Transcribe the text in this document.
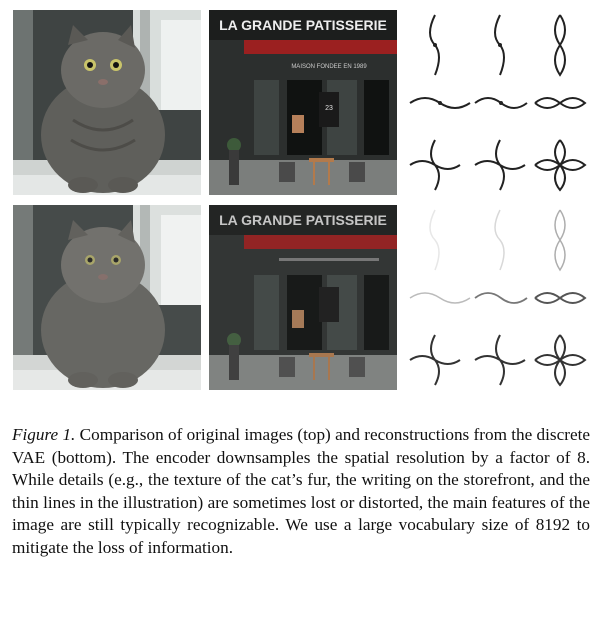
LA GRANDE PATISSERIE
MAISON FONDEE EN 1989
23
LA GRANDE PATISSERIE
Figure 1. Comparison of original images (top) and reconstructions from the discrete VAE (bottom). The encoder downsamples the spatial resolution by a factor of 8. While details (e.g., the texture of the cat’s fur, the writing on the storefront, and the thin lines in the illustration) are sometimes lost or distorted, the main features of the image are still typically recognizable. We use a large vocabulary size of 8192 to mitigate the loss of information.
